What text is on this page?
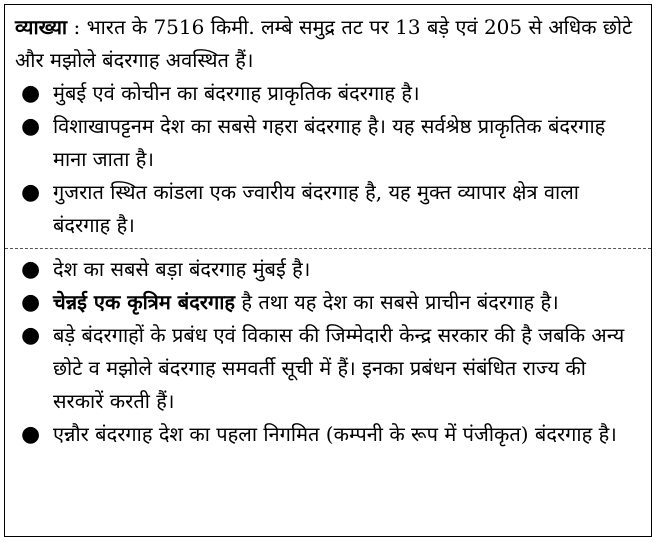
व्याख्या : भारत के 7516 किमी. लम्बे समुद्र तट पर 13 बड़े एवं 205 से अधिक छोटे और मझोले बंदरगाह अवस्थित हैं।

● मुंबई एवं कोचीन का बंदरगाह प्राकृतिक बंदरगाह है।
● विशाखापट्टनम देश का सबसे गहरा बंदरगाह है। यह सर्वश्रेष्ठ प्राकृतिक बंदरगाह माना जाता है।
● गुजरात स्थित कांडला एक ज्वारीय बंदरगाह है, यह मुक्त व्यापार क्षेत्र वाला बंदरगाह है।
● देश का सबसे बड़ा बंदरगाह मुंबई है।
● चेन्नई एक कृत्रिम बंदरगाह है तथा यह देश का सबसे प्राचीन बंदरगाह है।
● बड़े बंदरगाहों के प्रबंध एवं विकास की जिम्मेदारी केन्द्र सरकार की है जबकि अन्य छोटे व मझोले बंदरगाह समवर्ती सूची में हैं। इनका प्रबंधन संबंधित राज्य की सरकारें करती हैं।
● एन्नौर बंदरगाह देश का पहला निगमित (कम्पनी के रूप में पंजीकृत) बंदरगाह है।
